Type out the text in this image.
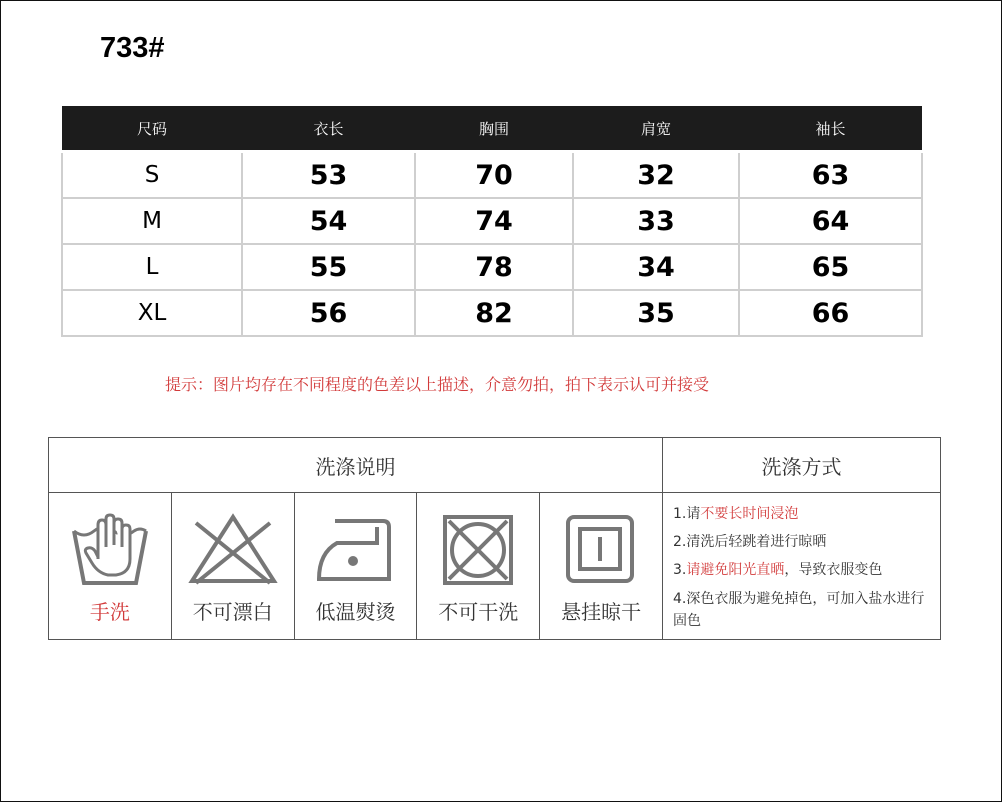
733#
尺码	衣长	胸围	肩宽	袖长
S	53	70	32	63
M	54	74	33	64
L	55	78	34	65
XL	56	82	35	66
提示：图片均存在不同程度的色差以上描述，介意勿拍，拍下表示认可并接受
洗涤说明	洗涤方式
手洗	不可漂白	低温熨烫	不可干洗	悬挂晾干
1.请不要长时间浸泡
2.清洗后轻跳着进行晾晒
3.请避免阳光直晒，导致衣服变色
4.深色衣服为避免掉色，可加入盐水进行固色
